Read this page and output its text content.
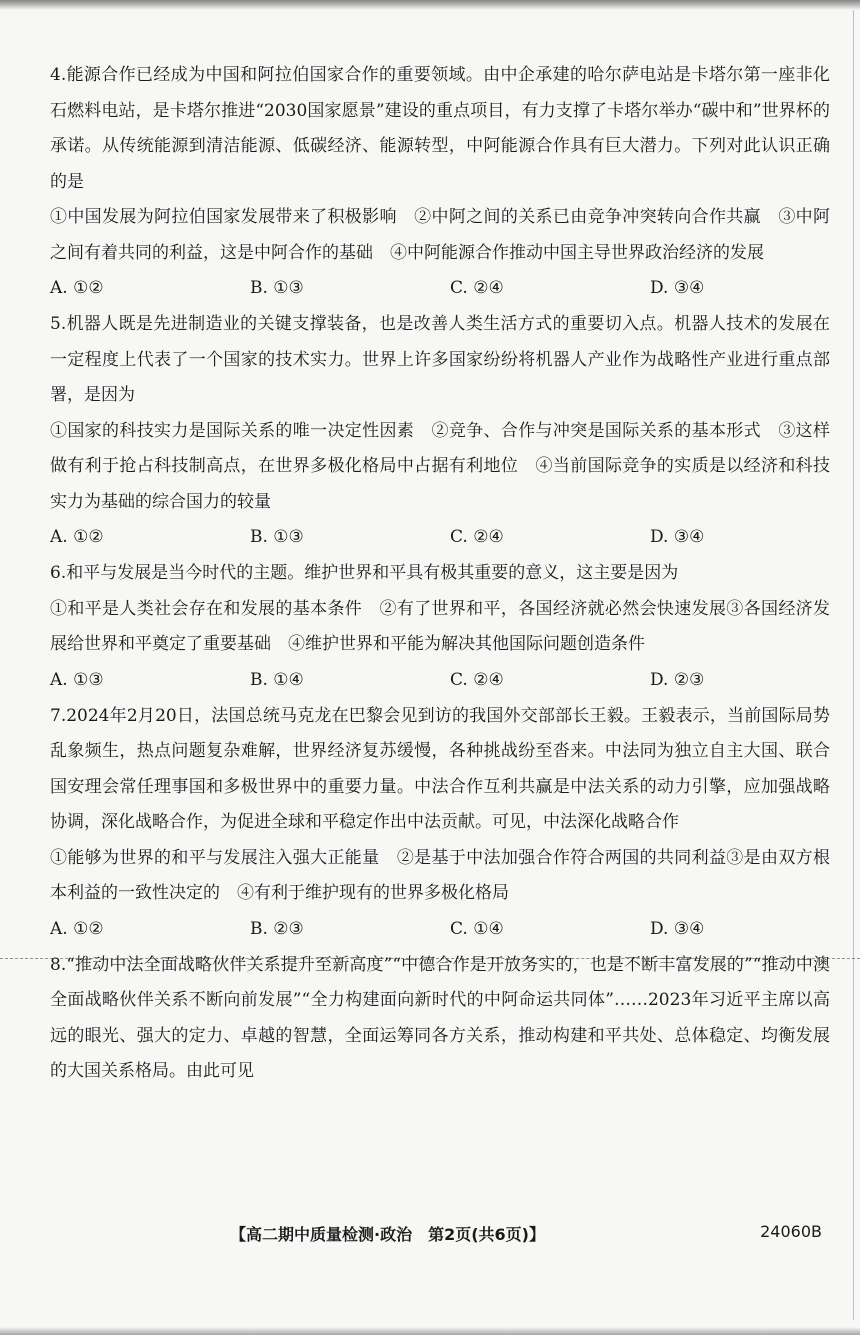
4.能源合作已经成为中国和阿拉伯国家合作的重要领域。由中企承建的哈尔萨电站是卡塔尔第一座非化石燃料电站，是卡塔尔推进“2030国家愿景”建设的重点项目，有力支撑了卡塔尔举办“碳中和”世界杯的承诺。从传统能源到清洁能源、低碳经济、能源转型，中阿能源合作具有巨大潜力。下列对此认识正确的是

①中国发展为阿拉伯国家发展带来了积极影响　②中阿之间的关系已由竞争冲突转向合作共赢　③中阿之间有着共同的利益，这是中阿合作的基础　④中阿能源合作推动中国主导世界政治经济的发展

A. ①②	B. ①③	C. ②④	D. ③④

5.机器人既是先进制造业的关键支撑装备，也是改善人类生活方式的重要切入点。机器人技术的发展在一定程度上代表了一个国家的技术实力。世界上许多国家纷纷将机器人产业作为战略性产业进行重点部署，是因为

①国家的科技实力是国际关系的唯一决定性因素　②竞争、合作与冲突是国际关系的基本形式　③这样做有利于抢占科技制高点，在世界多极化格局中占据有利地位　④当前国际竞争的实质是以经济和科技实力为基础的综合国力的较量

A. ①②	B. ①③	C. ②④	D. ③④

6.和平与发展是当今时代的主题。维护世界和平具有极其重要的意义，这主要是因为

①和平是人类社会存在和发展的基本条件　②有了世界和平，各国经济就必然会快速发展③各国经济发展给世界和平奠定了重要基础　④维护世界和平能为解决其他国际问题创造条件

A. ①③	B. ①④	C. ②④	D. ②③

7.2024年2月20日，法国总统马克龙在巴黎会见到访的我国外交部部长王毅。王毅表示，当前国际局势乱象频生，热点问题复杂难解，世界经济复苏缓慢，各种挑战纷至沓来。中法同为独立自主大国、联合国安理会常任理事国和多极世界中的重要力量。中法合作互利共赢是中法关系的动力引擎，应加强战略协调，深化战略合作，为促进全球和平稳定作出中法贡献。可见，中法深化战略合作

①能够为世界的和平与发展注入强大正能量　②是基于中法加强合作符合两国的共同利益③是由双方根本利益的一致性决定的　④有利于维护现有的世界多极化格局

A. ①②	B. ②③	C. ①④	D. ③④

8.“推动中法全面战略伙伴关系提升至新高度”“中德合作是开放务实的，也是不断丰富发展的”“推动中澳全面战略伙伴关系不断向前发展”“全力构建面向新时代的中阿命运共同体”……2023年习近平主席以高远的眼光、强大的定力、卓越的智慧，全面运筹同各方关系，推动构建和平共处、总体稳定、均衡发展的大国关系格局。由此可见

【高二期中质量检测·政治　第2页(共6页)】	24060B
